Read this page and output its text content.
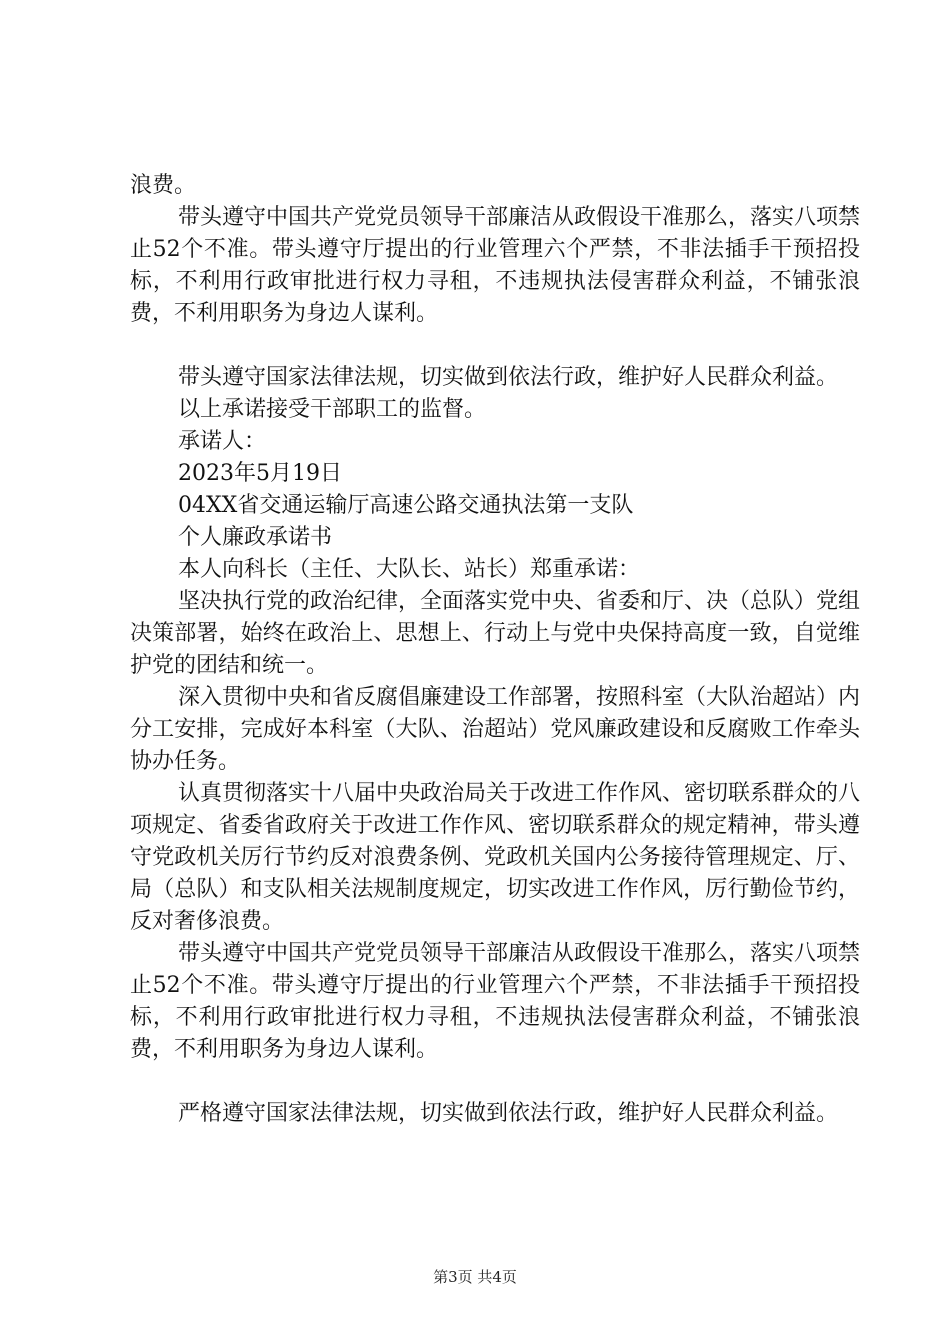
浪费。

带头遵守中国共产党党员领导干部廉洁从政假设干准那么，落实八项禁止52个不准。带头遵守厅提出的行业管理六个严禁，不非法插手干预招投标，不利用行政审批进行权力寻租，不违规执法侵害群众利益，不铺张浪费，不利用职务为身边人谋利。

带头遵守国家法律法规，切实做到依法行政，维护好人民群众利益。

以上承诺接受干部职工的监督。

承诺人：

2023年5月19日

04XX省交通运输厅高速公路交通执法第一支队

个人廉政承诺书

本人向科长（主任、大队长、站长）郑重承诺：

坚决执行党的政治纪律，全面落实党中央、省委和厅、决（总队）党组决策部署，始终在政治上、思想上、行动上与党中央保持高度一致，自觉维护党的团结和统一。

深入贯彻中央和省反腐倡廉建设工作部署，按照科室（大队治超站）内分工安排，完成好本科室（大队、治超站）党风廉政建设和反腐败工作牵头协办任务。

认真贯彻落实十八届中央政治局关于改进工作作风、密切联系群众的八项规定、省委省政府关于改进工作作风、密切联系群众的规定精神，带头遵守党政机关厉行节约反对浪费条例、党政机关国内公务接待管理规定、厅、局（总队）和支队相关法规制度规定，切实改进工作作风，厉行勤俭节约，反对奢侈浪费。

带头遵守中国共产党党员领导干部廉洁从政假设干准那么，落实八项禁止52个不准。带头遵守厅提出的行业管理六个严禁，不非法插手干预招投标，不利用行政审批进行权力寻租，不违规执法侵害群众利益，不铺张浪费，不利用职务为身边人谋利。

严格遵守国家法律法规，切实做到依法行政，维护好人民群众利益。

第3页 共4页
